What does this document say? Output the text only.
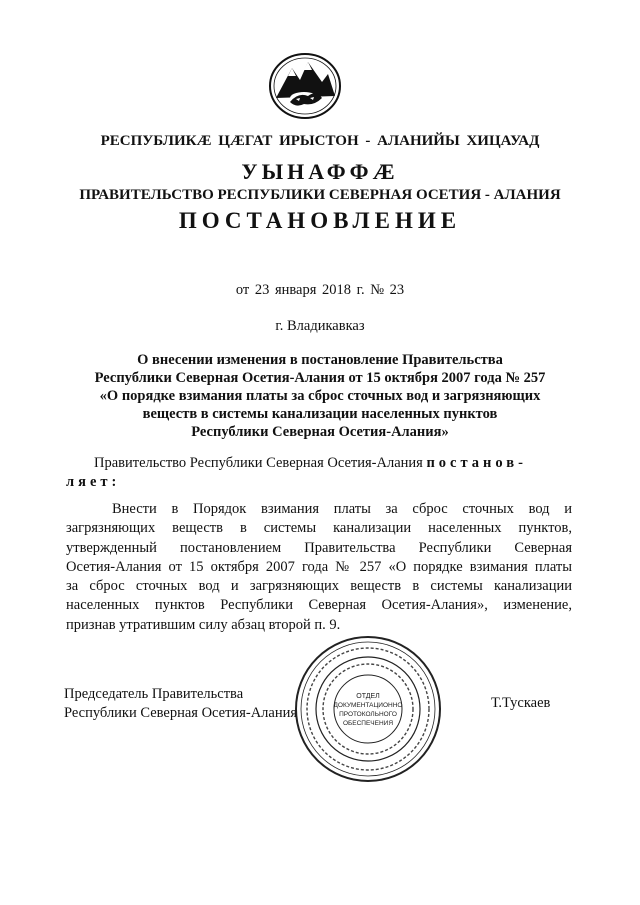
РЕСПУБЛИКӔ ЦӔГАТ ИРЫСТОН - АЛАНИЙЫ ХИЦАУАД
УЫНАФФӔ
ПРАВИТЕЛЬСТВО РЕСПУБЛИКИ СЕВЕРНАЯ ОСЕТИЯ - АЛАНИЯ
ПОСТАНОВЛЕНИЕ
от 23 января 2018 г. № 23
г. Владикавказ
О внесении изменения в постановление Правительства
Республики Северная Осетия-Алания от 15 октября 2007 года № 257
«О порядке взимания платы за сброс сточных вод и загрязняющих
веществ в системы канализации населенных пунктов
Республики Северная Осетия-Алания»
Правительство Республики Северная Осетия-Алания постанов-
ляет:
Внести в Порядок взимания платы за сброс сточных вод и
загрязняющих веществ в системы канализации населенных пунктов,
утвержденный постановлением Правительства Республики Северная
Осетия-Алания от 15 октября 2007 года № 257 «О порядке взимания платы
за сброс сточных вод и загрязняющих веществ в системы канализации
населенных пунктов Республики Северная Осетия-Алания», изменение,
признав утратившим силу абзац второй п. 9.
Председатель Правительства
Республики Северная Осетия-Алания
Т.Тускаев
ОТДЕЛ
ДОКУМЕНТАЦИОННО
ПРОТОКОЛЬНОГО
ОБЕСПЕЧЕНИЯ
